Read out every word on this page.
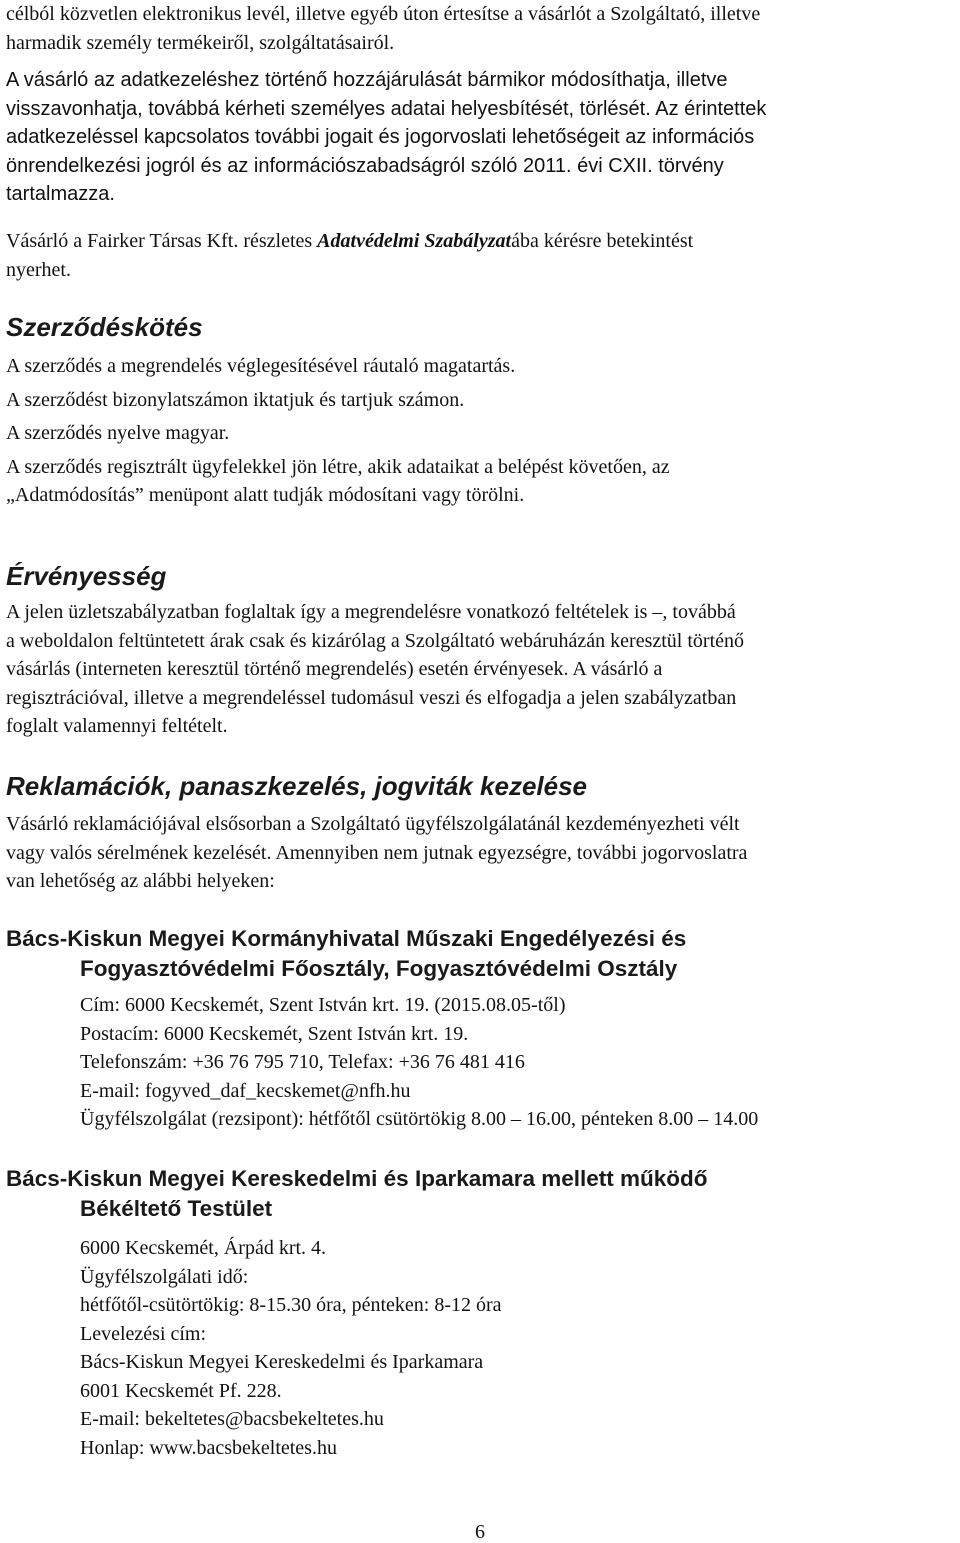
célból közvetlen elektronikus levél, illetve egyéb úton értesítse a vásárlót a Szolgáltató, illetve

harmadik személy termékeiről, szolgáltatásairól.

A vásárló az adatkezeléshez történő hozzájárulását bármikor módosíthatja, illetve

visszavonhatja, továbbá kérheti személyes adatai helyesbítését, törlését. Az érintettek

adatkezeléssel kapcsolatos további jogait és jogorvoslati lehetőségeit az információs

önrendelkezési jogról és az információszabadságról szóló 2011. évi CXII. törvény

tartalmazza.

Vásárló a Fairker Társas Kft. részletes Adatvédelmi Szabályzatába kérésre betekintést

nyerhet.

Szerződéskötés

A szerződés a megrendelés véglegesítésével ráutaló magatartás.

A szerződést bizonylatszámon iktatjuk és tartjuk számon.

A szerződés nyelve magyar.

A szerződés regisztrált ügyfelekkel jön létre, akik adataikat a belépést követően, az

„Adatmódosítás” menüpont alatt tudják módosítani vagy törölni.

Érvényesség

A jelen üzletszabályzatban foglaltak így a megrendelésre vonatkozó feltételek is –, továbbá

a weboldalon feltüntetett árak csak és kizárólag a Szolgáltató webáruházán keresztül történő

vásárlás (interneten keresztül történő megrendelés) esetén érvényesek. A vásárló a

regisztrációval, illetve a megrendeléssel tudomásul veszi és elfogadja a jelen szabályzatban

foglalt valamennyi feltételt.

Reklamációk, panaszkezelés, jogviták kezelése

Vásárló reklamációjával elsősorban a Szolgáltató ügyfélszolgálatánál kezdeményezheti vélt

vagy valós sérelmének kezelését. Amennyiben nem jutnak egyezségre, további jogorvoslatra

van lehetőség az alábbi helyeken:

Bács-Kiskun Megyei Kormányhivatal Műszaki Engedélyezési és
Fogyasztóvédelmi Főosztály, Fogyasztóvédelmi Osztály

Cím: 6000 Kecskemét, Szent István krt. 19. (2015.08.05-től)

Postacím: 6000 Kecskemét, Szent István krt. 19.

Telefonszám: +36 76 795 710, Telefax: +36 76 481 416

E-mail: fogyved_daf_kecskemet@nfh.hu

Ügyfélszolgálat (rezsipont): hétfőtől csütörtökig 8.00 – 16.00, pénteken 8.00 – 14.00

Bács-Kiskun Megyei Kereskedelmi és Iparkamara mellett működő
Békéltető Testület

6000 Kecskemét, Árpád krt. 4.

Ügyfélszolgálati idő:

hétfőtől-csütörtökig: 8-15.30 óra, pénteken: 8-12 óra

Levelezési cím:

Bács-Kiskun Megyei Kereskedelmi és Iparkamara

6001 Kecskemét Pf. 228.

E-mail: bekeltetes@bacsbekeltetes.hu

Honlap: www.bacsbekeltetes.hu

6
